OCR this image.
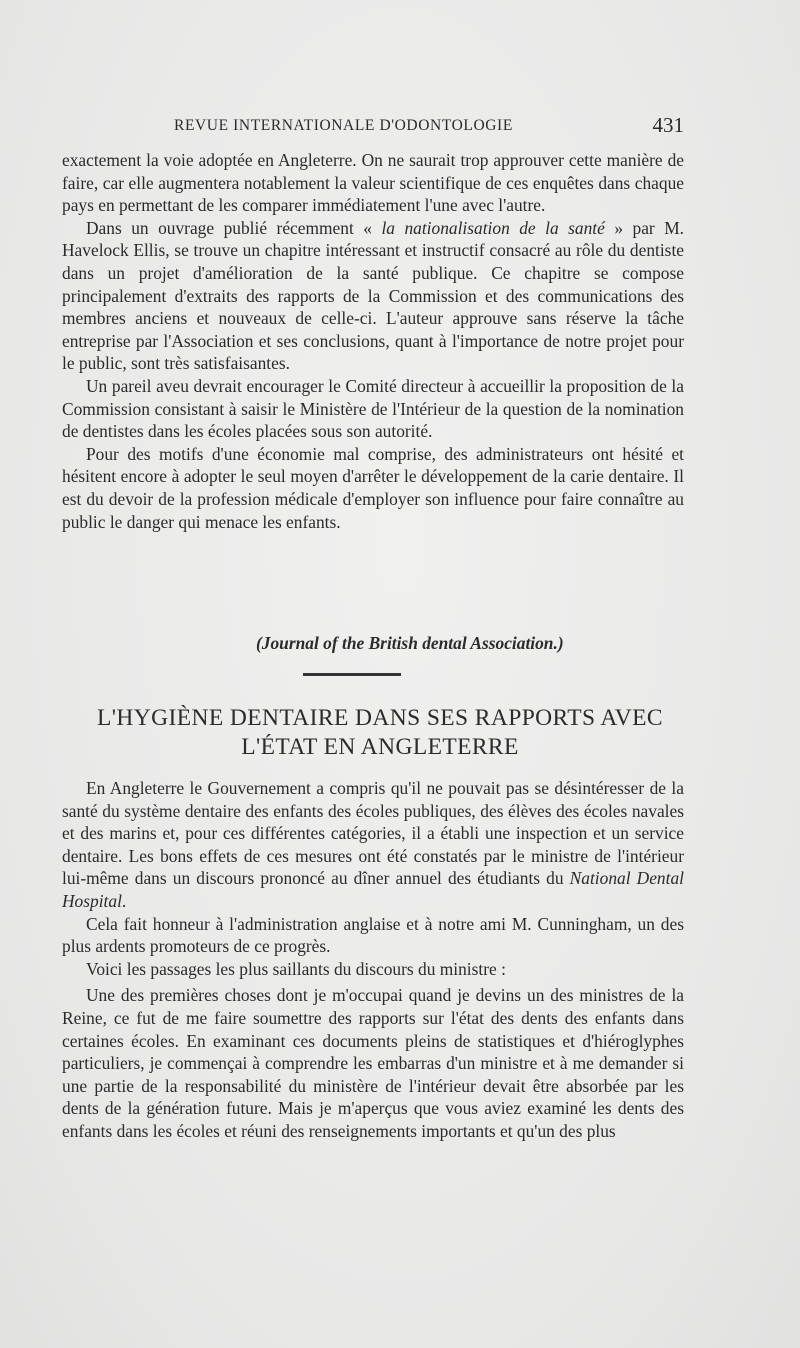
REVUE INTERNATIONALE D'ODONTOLOGIE	431

exactement la voie adoptée en Angleterre. On ne saurait trop approuver cette manière de faire, car elle augmentera notablement la valeur scientifique de ces enquêtes dans chaque pays en permettant de les comparer immédiatement l'une avec l'autre.

Dans un ouvrage publié récemment « la nationalisation de la santé » par M. Havelock Ellis, se trouve un chapitre intéressant et instructif consacré au rôle du dentiste dans un projet d'amélioration de la santé publique. Ce chapitre se compose principalement d'extraits des rapports de la Commission et des communications des membres anciens et nouveaux de celle-ci. L'auteur approuve sans réserve la tâche entreprise par l'Association et ses conclusions, quant à l'importance de notre projet pour le public, sont très satisfaisantes.

Un pareil aveu devrait encourager le Comité directeur à accueillir la proposition de la Commission consistant à saisir le Ministère de l'Intérieur de la question de la nomination de dentistes dans les écoles placées sous son autorité.

Pour des motifs d'une économie mal comprise, des administrateurs ont hésité et hésitent encore à adopter le seul moyen d'arrêter le développement de la carie dentaire. Il est du devoir de la profession médicale d'employer son influence pour faire connaître au public le danger qui menace les enfants.

(Journal of the British dental Association.)
L'HYGIÈNE DENTAIRE DANS SES RAPPORTS AVEC
L'ÉTAT EN ANGLETERRE

En Angleterre le Gouvernement a compris qu'il ne pouvait pas se désintéresser de la santé du système dentaire des enfants des écoles publiques, des élèves des écoles navales et des marins et, pour ces différentes catégories, il a établi une inspection et un service dentaire. Les bons effets de ces mesures ont été constatés par le ministre de l'intérieur lui-même dans un discours prononcé au dîner annuel des étudiants du National Dental Hospital.

Cela fait honneur à l'administration anglaise et à notre ami M. Cunningham, un des plus ardents promoteurs de ce progrès.

Voici les passages les plus saillants du discours du ministre :

Une des premières choses dont je m'occupai quand je devins un des ministres de la Reine, ce fut de me faire soumettre des rapports sur l'état des dents des enfants dans certaines écoles. En examinant ces documents pleins de statistiques et d'hiéroglyphes particuliers, je commençai à comprendre les embarras d'un ministre et à me demander si une partie de la responsabilité du ministère de l'intérieur devait être absorbée par les dents de la génération future. Mais je m'aperçus que vous aviez examiné les dents des enfants dans les écoles et réuni des renseignements importants et qu'un des plus
